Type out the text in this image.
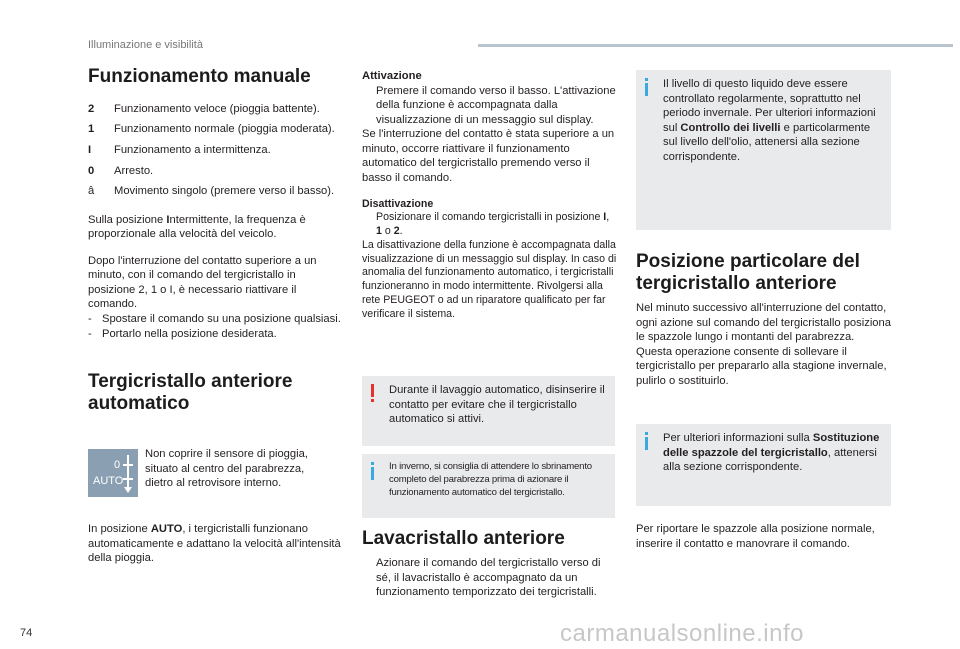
Illuminazione e visibilità
Funzionamento manuale
2	Funzionamento veloce (pioggia battente).
1	Funzionamento normale (pioggia moderata).
I	Funzionamento a intermittenza.
0	Arresto.
â	Movimento singolo (premere verso il basso).
Sulla posizione Intermittente, la frequenza è proporzionale alla velocità del veicolo.
Dopo l'interruzione del contatto superiore a un minuto, con il comando del tergicristallo in posizione 2, 1 o I, è necessario riattivare il comando.
- Spostare il comando su una posizione qualsiasi.
- Portarlo nella posizione desiderata.
Tergicristallo anteriore automatico
0
AUTO
Non coprire il sensore di pioggia, situato al centro del parabrezza, dietro al retrovisore interno.
In posizione AUTO, i tergicristalli funzionano automaticamente e adattano la velocità all'intensità della pioggia.
Attivazione
Premere il comando verso il basso. L'attivazione della funzione è accompagnata dalla visualizzazione di un messaggio sul display.
Se l'interruzione del contatto è stata superiore a un minuto, occorre riattivare il funzionamento automatico del tergicristallo premendo verso il basso il comando.
Disattivazione
Posizionare il comando tergicristalli in posizione I, 1 o 2.
La disattivazione della funzione è accompagnata dalla visualizzazione di un messaggio sul display. In caso di anomalia del funzionamento automatico, i tergicristalli funzioneranno in modo intermittente. Rivolgersi alla rete PEUGEOT o ad un riparatore qualificato per far verificare il sistema.
Durante il lavaggio automatico, disinserire il contatto per evitare che il tergicristallo automatico si attivi.
In inverno, si consiglia di attendere lo sbrinamento completo del parabrezza prima di azionare il funzionamento automatico del tergicristallo.
Lavacristallo anteriore
Azionare il comando del tergicristallo verso di sé, il lavacristallo è accompagnato da un funzionamento temporizzato dei tergicristalli.
Il livello di questo liquido deve essere controllato regolarmente, soprattutto nel periodo invernale. Per ulteriori informazioni sul Controllo dei livelli e particolarmente sul livello dell'olio, attenersi alla sezione corrispondente.
Posizione particolare del tergicristallo anteriore
Nel minuto successivo all'interruzione del contatto, ogni azione sul comando del tergicristallo posiziona le spazzole lungo i montanti del parabrezza. Questa operazione consente di sollevare il tergicristallo per prepararlo alla stagione invernale, pulirlo o sostituirlo.
Per ulteriori informazioni sulla Sostituzione delle spazzole del tergicristallo, attenersi alla sezione corrispondente.
Per riportare le spazzole alla posizione normale, inserire il contatto e manovrare il comando.
74	carmanualsonline.info
